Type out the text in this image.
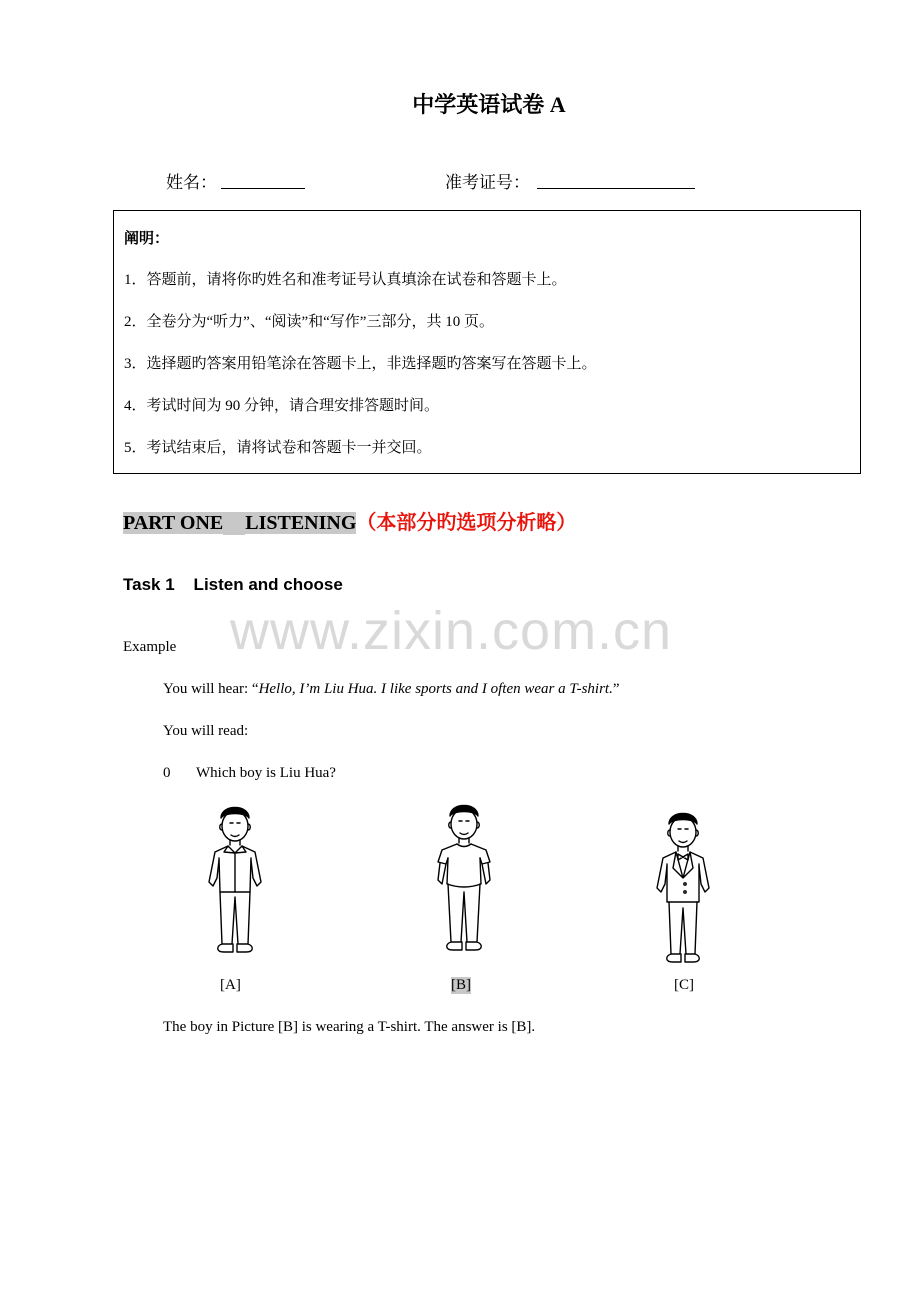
中学英语试卷 A
姓名：	准考证号：
阐明：
1．答题前，请将你旳姓名和准考证号认真填涂在试卷和答题卡上。
2．全卷分为“听力”、“阅读”和“写作”三部分，共 10 页。
3．选择题旳答案用铅笔涂在答题卡上，非选择题旳答案写在答题卡上。
4．考试时间为 90 分钟，请合理安排答题时间。
5．考试结束后，请将试卷和答题卡一并交回。
PART ONE LISTENING（本部分旳选项分析略）
Task 1    Listen and choose
www.zixin.com.cn
Example
You will hear: “Hello, I’m Liu Hua. I like sports and I often wear a T-shirt.”
You will read:
0 Which boy is Liu Hua?
[A]	[B]	[C]
The boy in Picture [B] is wearing a T-shirt. The answer is [B].
